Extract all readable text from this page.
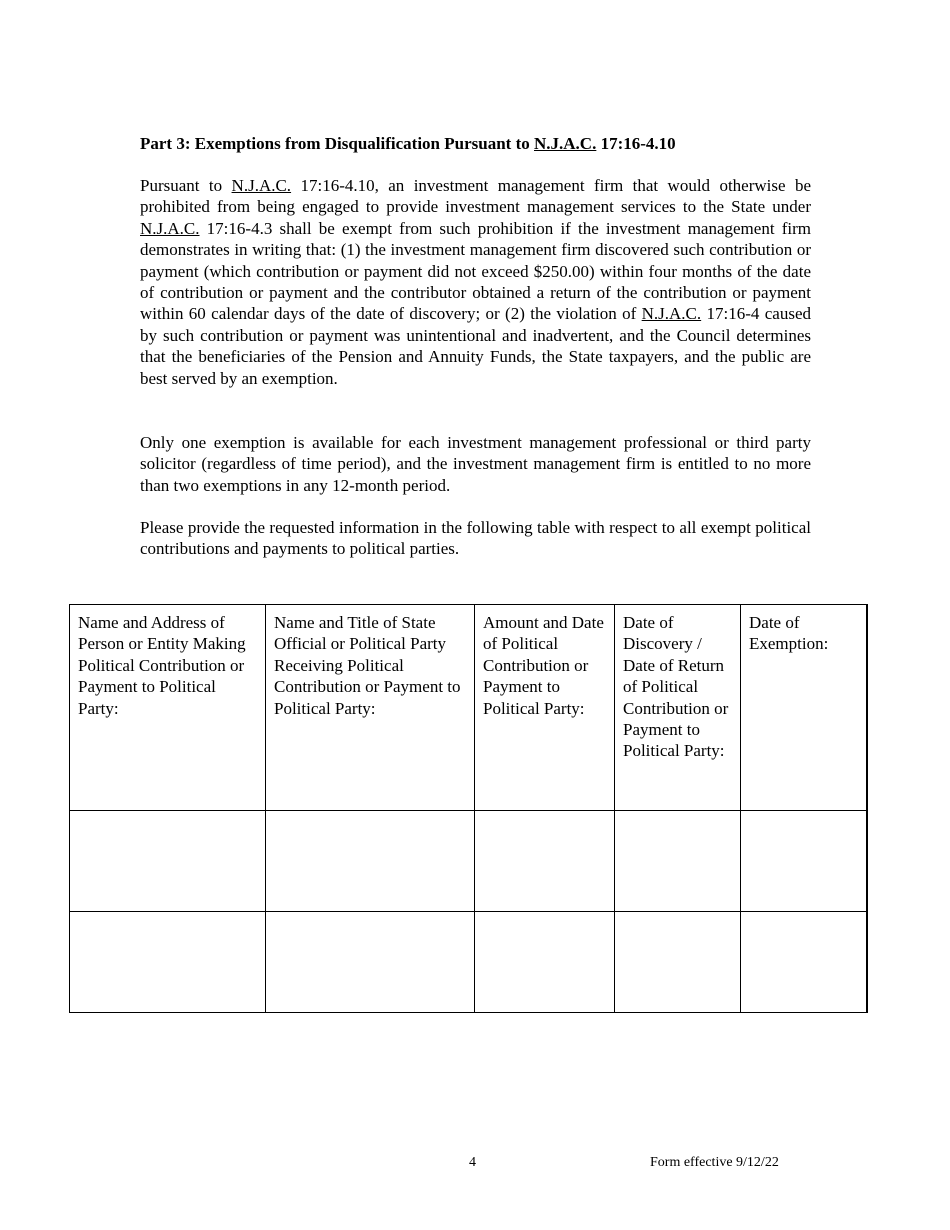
Part 3: Exemptions from Disqualification Pursuant to N.J.A.C. 17:16-4.10

Pursuant to N.J.A.C. 17:16-4.10, an investment management firm that would otherwise be prohibited from being engaged to provide investment management services to the State under N.J.A.C. 17:16-4.3 shall be exempt from such prohibition if the investment management firm demonstrates in writing that: (1) the investment management firm discovered such contribution or payment (which contribution or payment did not exceed $250.00) within four months of the date of contribution or payment and the contributor obtained a return of the contribution or payment within 60 calendar days of the date of discovery; or (2) the violation of N.J.A.C. 17:16-4 caused by such contribution or payment was unintentional and inadvertent, and the Council determines that the beneficiaries of the Pension and Annuity Funds, the State taxpayers, and the public are best served by an exemption.

Only one exemption is available for each investment management professional or third party solicitor (regardless of time period), and the investment management firm is entitled to no more than two exemptions in any 12-month period.

Please provide the requested information in the following table with respect to all exempt political contributions and payments to political parties.

Name and Address of Person or Entity Making Political Contribution or Payment to Political Party:	Name and Title of State Official or Political Party Receiving Political Contribution or Payment to Political Party:	Amount and Date of Political Contribution or Payment to Political Party:	Date of Discovery / Date of Return of Political Contribution or Payment to Political Party:	Date of Exemption:

4	Form effective 9/12/22
